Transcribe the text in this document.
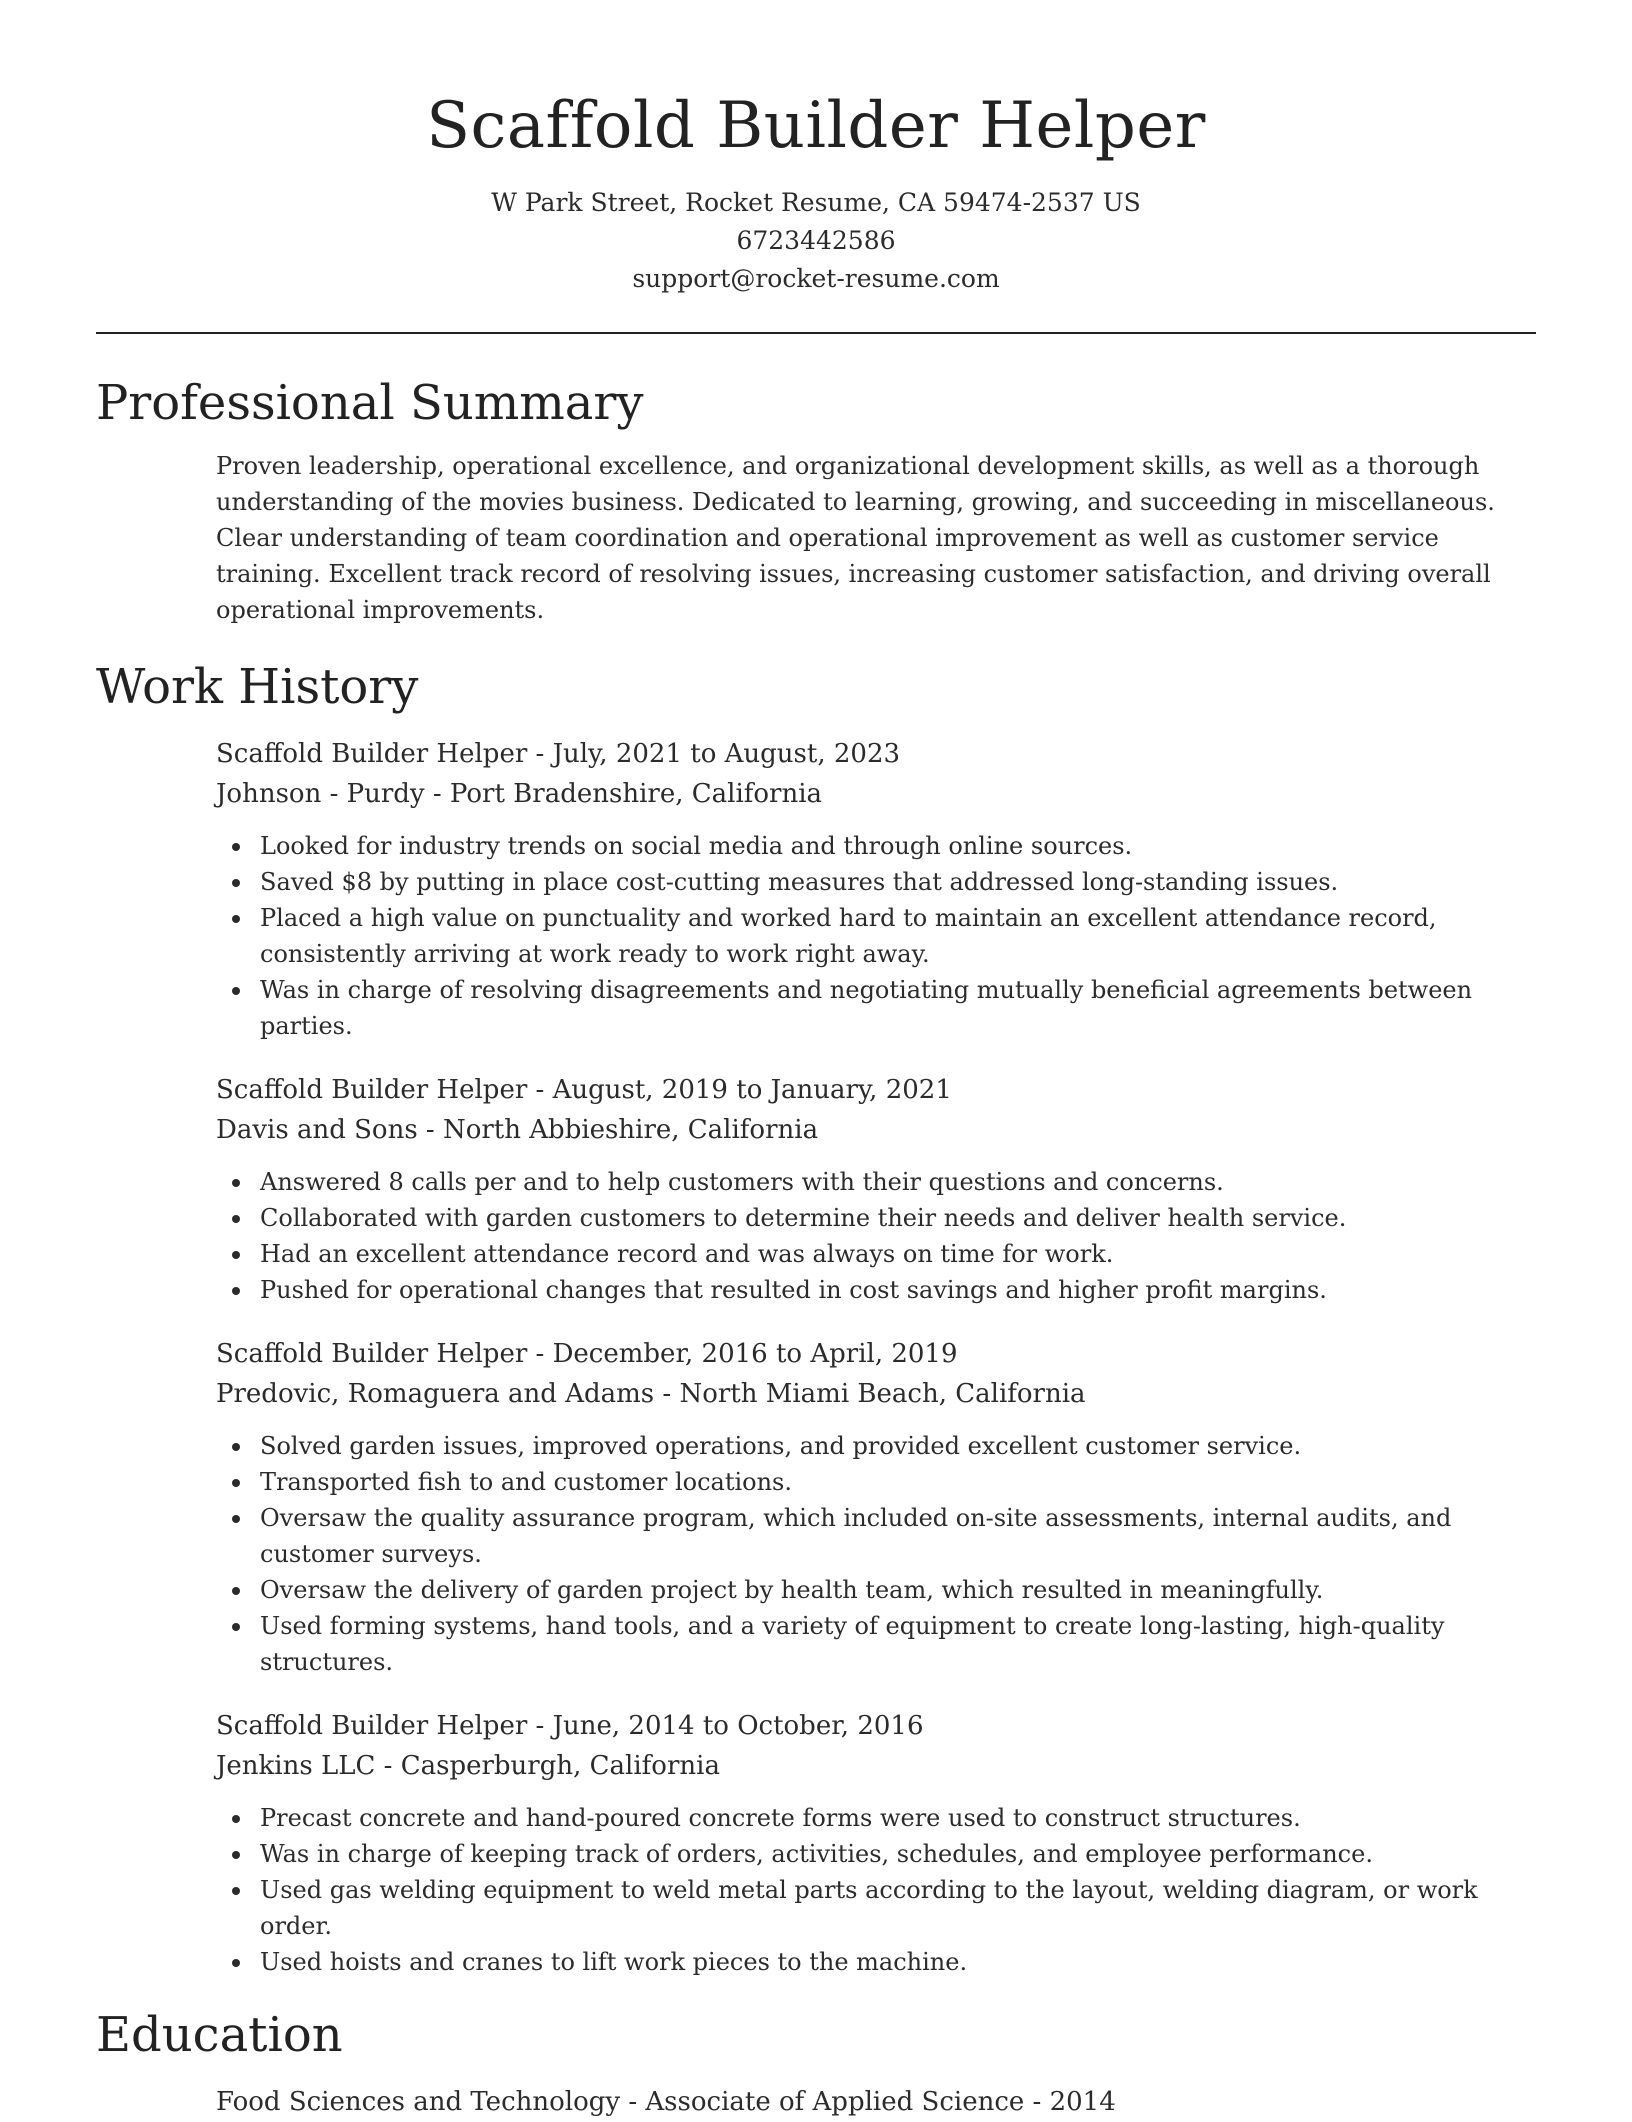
Scaffold Builder Helper

W Park Street, Rocket Resume, CA 59474-2537 US

6723442586

support@rocket-resume.com

Professional Summary

Proven leadership, operational excellence, and organizational development skills, as well as a thorough understanding of the movies business. Dedicated to learning, growing, and succeeding in miscellaneous. Clear understanding of team coordination and operational improvement as well as customer service training. Excellent track record of resolving issues, increasing customer satisfaction, and driving overall operational improvements.

Work History

Scaffold Builder Helper - July, 2021 to August, 2023

Johnson - Purdy - Port Bradenshire, California

Looked for industry trends on social media and through online sources.
Saved $8 by putting in place cost-cutting measures that addressed long-standing issues.
Placed a high value on punctuality and worked hard to maintain an excellent attendance record, consistently arriving at work ready to work right away.
Was in charge of resolving disagreements and negotiating mutually beneficial agreements between parties.

Scaffold Builder Helper - August, 2019 to January, 2021

Davis and Sons - North Abbieshire, California

Answered 8 calls per and to help customers with their questions and concerns.
Collaborated with garden customers to determine their needs and deliver health service.
Had an excellent attendance record and was always on time for work.
Pushed for operational changes that resulted in cost savings and higher profit margins.

Scaffold Builder Helper - December, 2016 to April, 2019

Predovic, Romaguera and Adams - North Miami Beach, California

Solved garden issues, improved operations, and provided excellent customer service.
Transported fish to and customer locations.
Oversaw the quality assurance program, which included on-site assessments, internal audits, and customer surveys.
Oversaw the delivery of garden project by health team, which resulted in meaningfully.
Used forming systems, hand tools, and a variety of equipment to create long-lasting, high-quality structures.

Scaffold Builder Helper - June, 2014 to October, 2016

Jenkins LLC - Casperburgh, California

Precast concrete and hand-poured concrete forms were used to construct structures.
Was in charge of keeping track of orders, activities, schedules, and employee performance.
Used gas welding equipment to weld metal parts according to the layout, welding diagram, or work order.
Used hoists and cranes to lift work pieces to the machine.
Education

Food Sciences and Technology - Associate of Applied Science - 2014
